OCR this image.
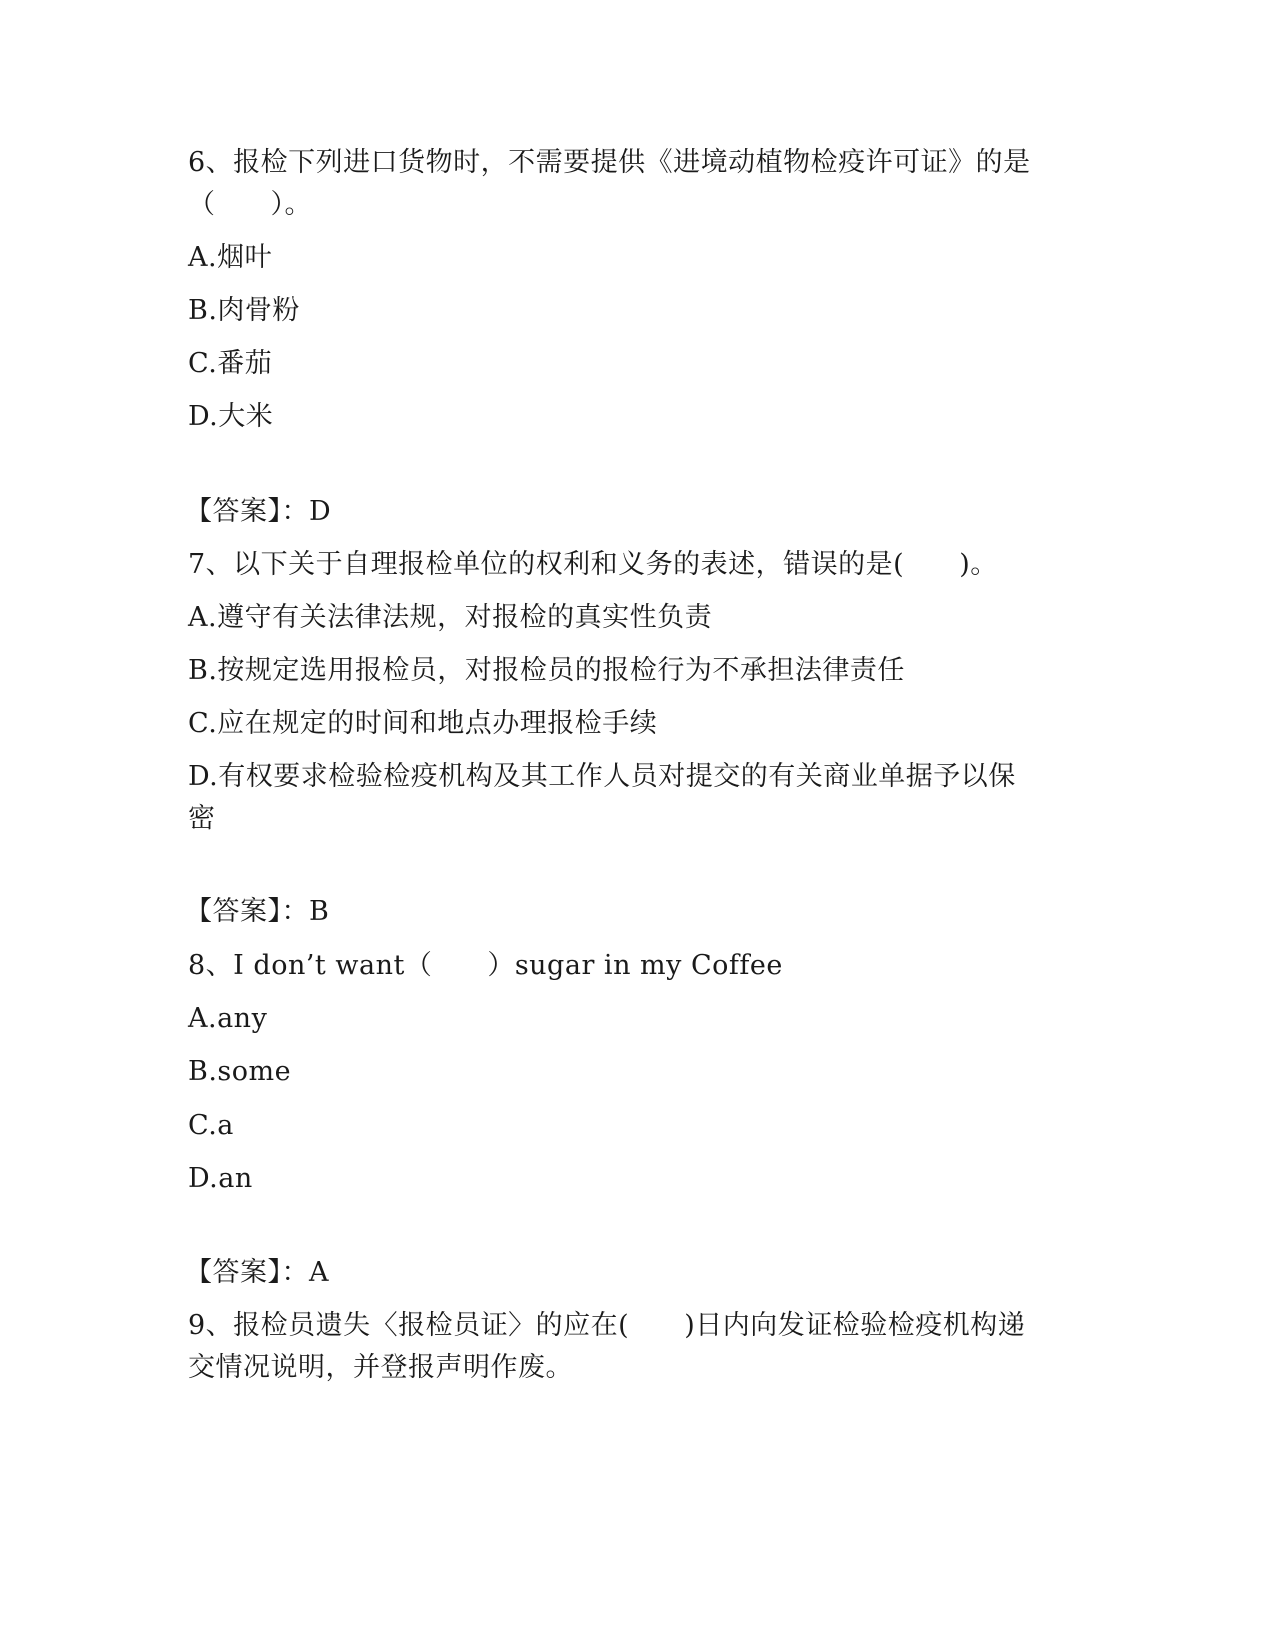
6、报检下列进口货物时，不需要提供《进境动植物检疫许可证》的是
（　　）。
A.烟叶
B.肉骨粉
C.番茄
D.大米
【答案】：D
7、以下关于自理报检单位的权利和义务的表述，错误的是(　　)。
A.遵守有关法律法规，对报检的真实性负责
B.按规定选用报检员，对报检员的报检行为不承担法律责任
C.应在规定的时间和地点办理报检手续
D.有权要求检验检疫机构及其工作人员对提交的有关商业单据予以保
密
【答案】：B
8、I don’t want（　　）sugar in my Coffee
A.any
B.some
C.a
D.an
【答案】：A
9、报检员遗失〈报检员证〉的应在(　　)日内向发证检验检疫机构递
交情况说明，并登报声明作废。
